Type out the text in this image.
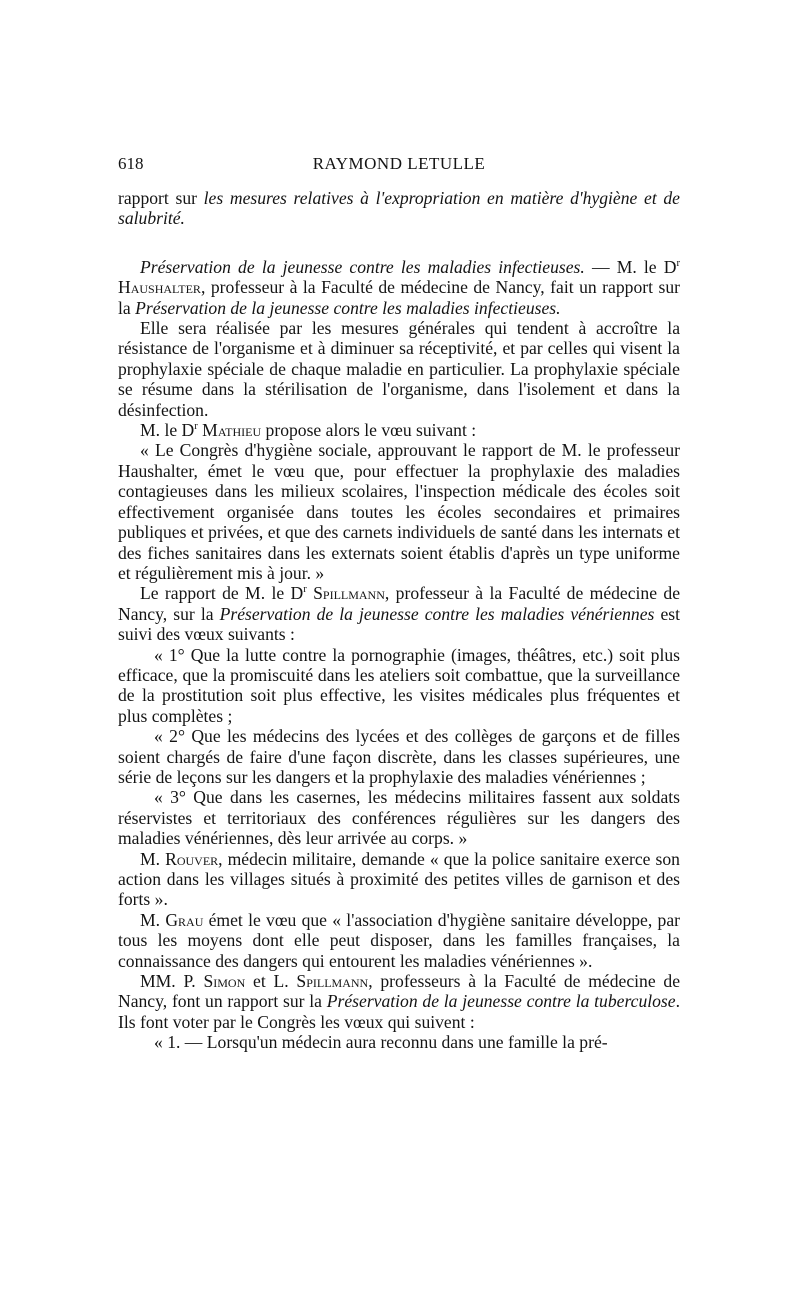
618	RAYMOND LETULLE

rapport sur les mesures relatives à l'expropriation en matière d'hygiène et de salubrité.

Préservation de la jeunesse contre les maladies infectieuses. — M. le $D^r$ Haushalter, professeur à la Faculté de médecine de Nancy, fait un rapport sur la Préservation de la jeunesse contre les maladies infectieuses.

Elle sera réalisée par les mesures générales qui tendent à accroître la résistance de l'organisme et à diminuer sa réceptivité, et par celles qui visent la prophylaxie spéciale de chaque maladie en particulier. La prophylaxie spéciale se résume dans la stérilisation de l'organisme, dans l'isolement et dans la désinfection.

M. le $D^r$ Mathieu propose alors le vœu suivant :

« Le Congrès d'hygiène sociale, approuvant le rapport de M. le professeur Haushalter, émet le vœu que, pour effectuer la prophylaxie des maladies contagieuses dans les milieux scolaires, l'inspection médicale des écoles soit effectivement organisée dans toutes les écoles secondaires et primaires publiques et privées, et que des carnets individuels de santé dans les internats et des fiches sanitaires dans les externats soient établis d'après un type uniforme et régulièrement mis à jour. »

Le rapport de M. le $D^r$ Spillmann, professeur à la Faculté de médecine de Nancy, sur la Préservation de la jeunesse contre les maladies vénériennes est suivi des vœux suivants :

« 1° Que la lutte contre la pornographie (images, théâtres, etc.) soit plus efficace, que la promiscuité dans les ateliers soit combattue, que la surveillance de la prostitution soit plus effective, les visites médicales plus fréquentes et plus complètes ;

« 2° Que les médecins des lycées et des collèges de garçons et de filles soient chargés de faire d'une façon discrète, dans les classes supérieures, une série de leçons sur les dangers et la prophylaxie des maladies vénériennes ;

« 3° Que dans les casernes, les médecins militaires fassent aux soldats réservistes et territoriaux des conférences régulières sur les dangers des maladies vénériennes, dès leur arrivée au corps. »

M. Rouver, médecin militaire, demande « que la police sanitaire exerce son action dans les villages situés à proximité des petites villes de garnison et des forts ».

M. Grau émet le vœu que « l'association d'hygiène sanitaire développe, par tous les moyens dont elle peut disposer, dans les familles françaises, la connaissance des dangers qui entourent les maladies vénériennes ».

MM. P. Simon et L. Spillmann, professeurs à la Faculté de médecine de Nancy, font un rapport sur la Préservation de la jeunesse contre la tuberculose. Ils font voter par le Congrès les vœux qui suivent :

« 1. — Lorsqu'un médecin aura reconnu dans une famille la pré-
